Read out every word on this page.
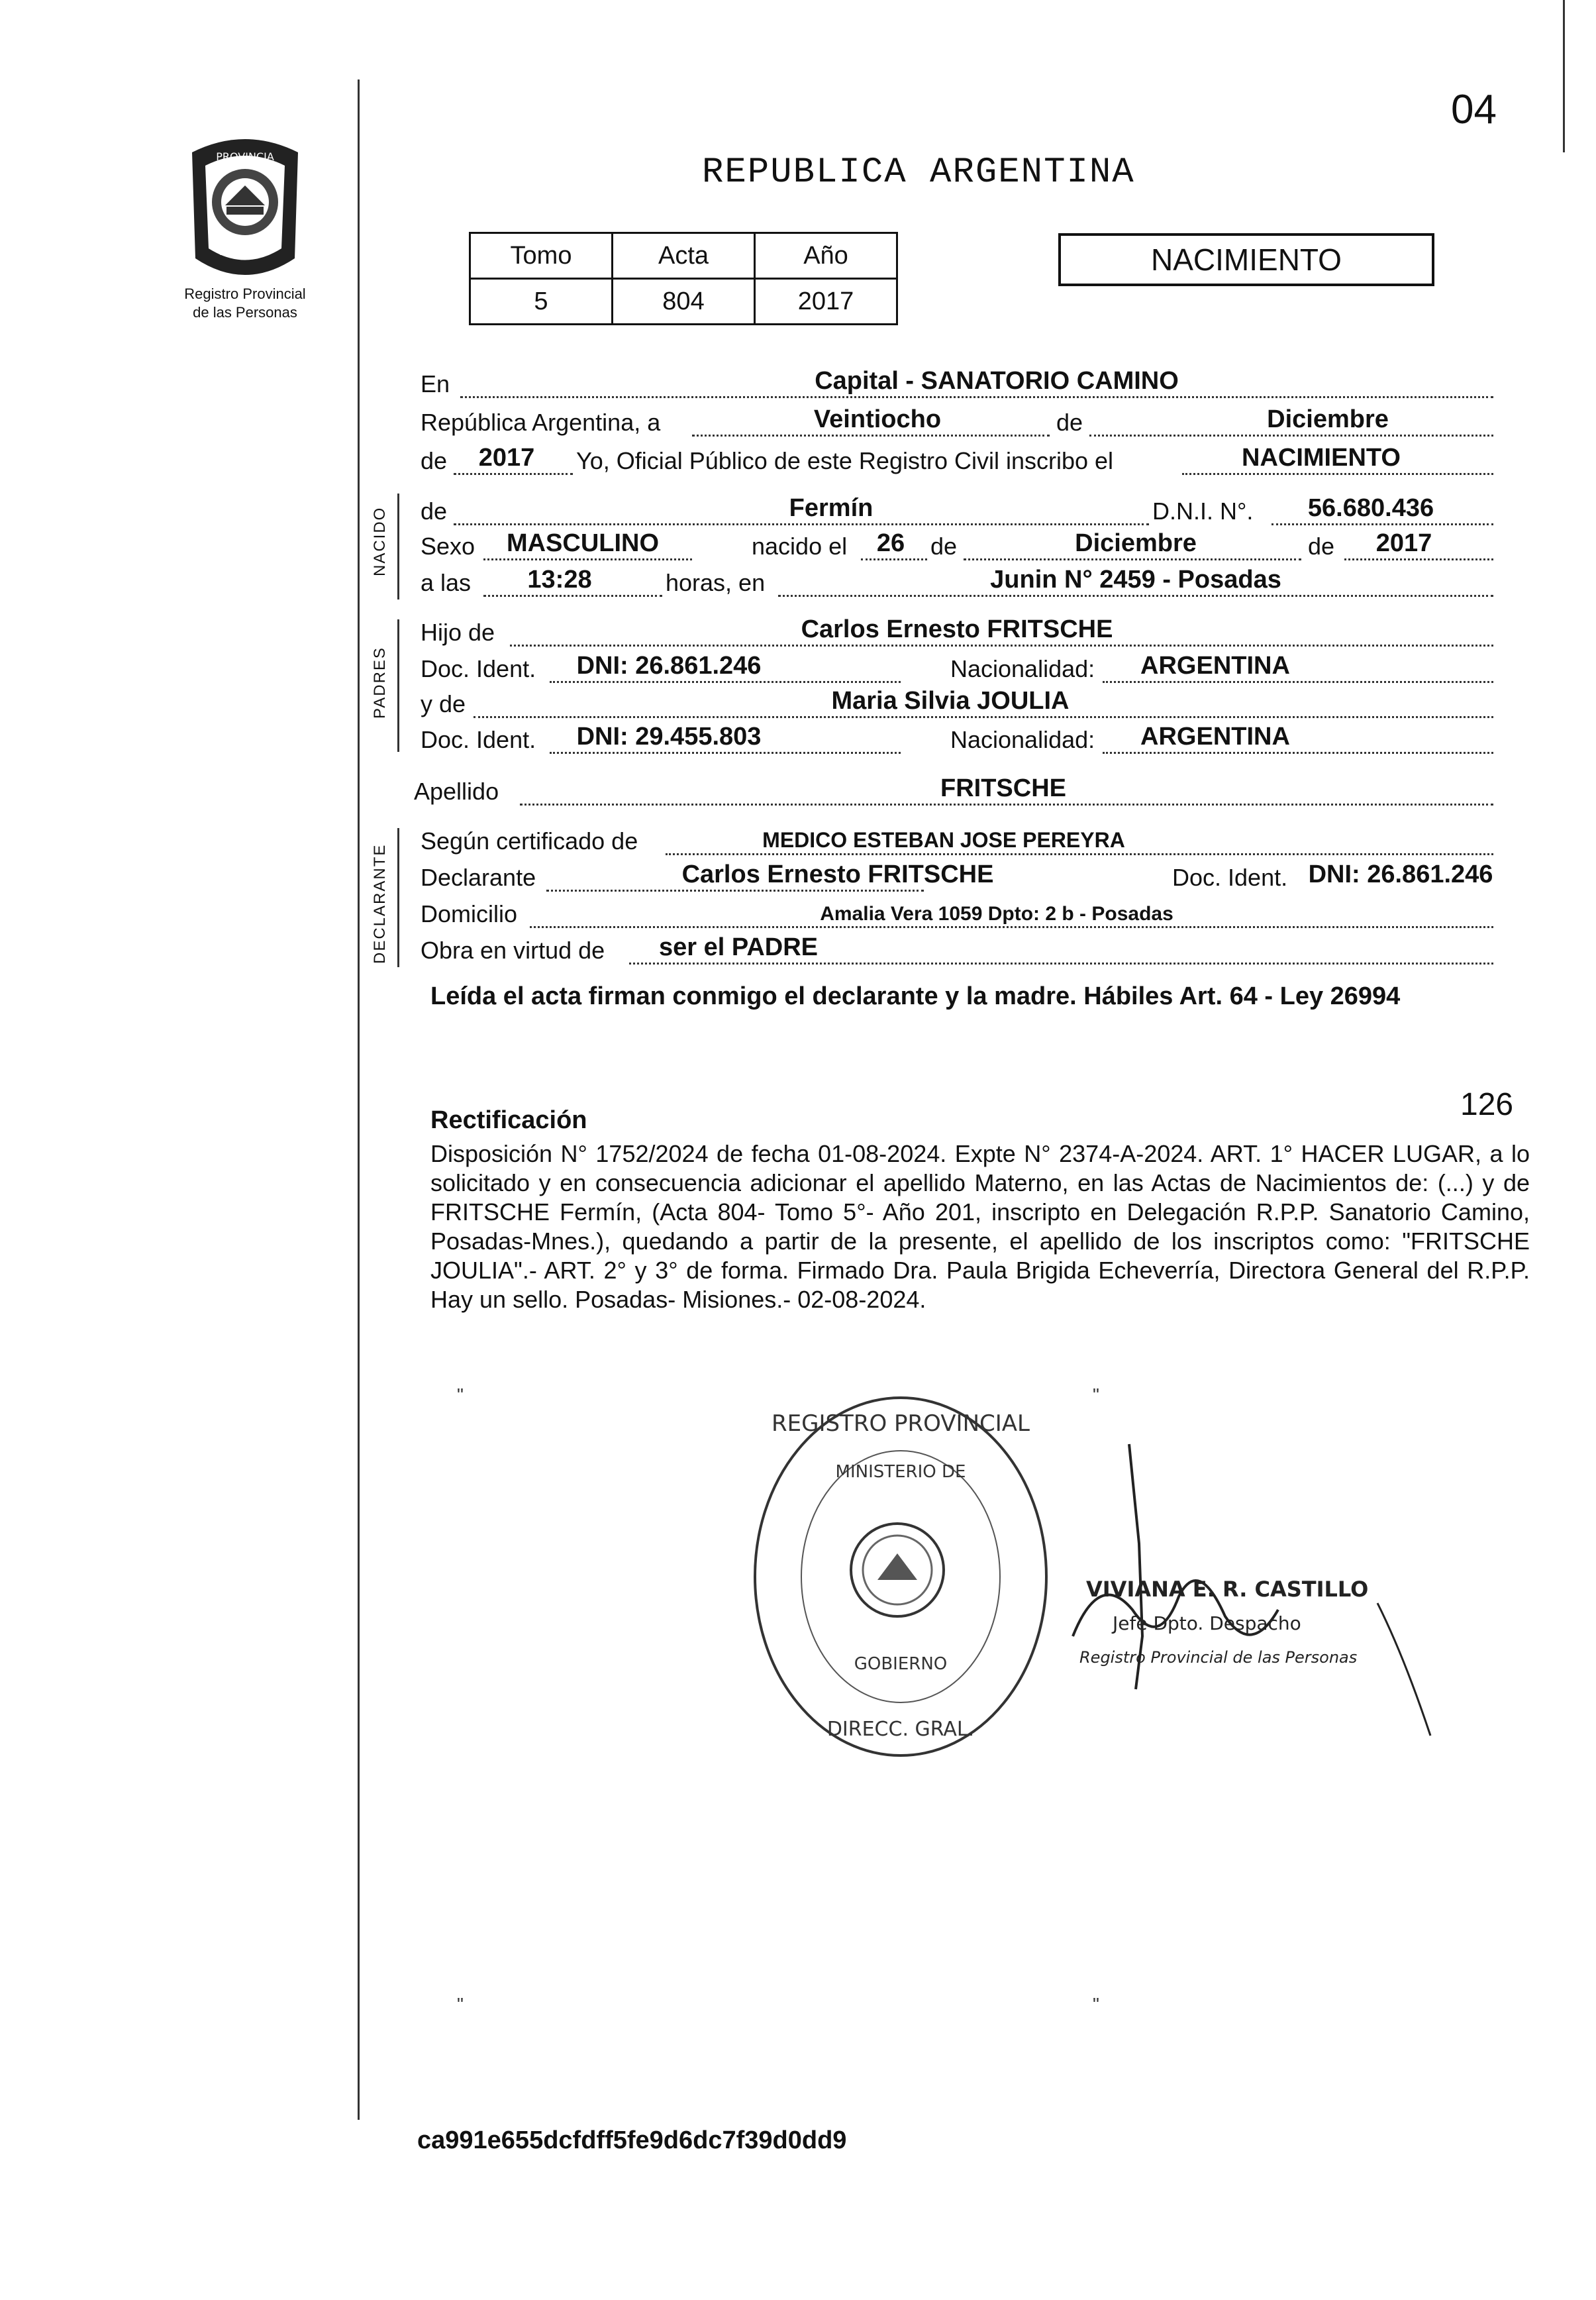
04
REPUBLICA ARGENTINA
PROVINCIA
MISIONES
Registro Provincial
de las Personas
Tomo	Acta	Año
5	804	2017
NACIMIENTO
En	Capital - SANATORIO CAMINO
República Argentina, a	Veintiocho	de	Diciembre
de	2017	Yo, Oficial Público de este Registro Civil inscribo el	NACIMIENTO
de	Fermín	D.N.I. N°.	56.680.436
Sexo	MASCULINO	nacido el	26	de	Diciembre	de	2017
a las	13:28	horas, en	Junin N° 2459 - Posadas
Hijo de	Carlos Ernesto FRITSCHE
Doc. Ident.	DNI: 26.861.246	Nacionalidad:	ARGENTINA
y de	Maria Silvia JOULIA
Doc. Ident.	DNI: 29.455.803	Nacionalidad:	ARGENTINA
Apellido	FRITSCHE
Según certificado de	MEDICO ESTEBAN JOSE PEREYRA
Declarante	Carlos Ernesto FRITSCHE	Doc. Ident. DNI: 26.861.246
Domicilio	Amalia Vera 1059 Dpto: 2 b - Posadas
Obra en virtud de	ser el PADRE
NACIDO
PADRES
DECLARANTE
Leída el acta firman conmigo el declarante y la madre. Hábiles Art. 64 - Ley 26994
126
Rectificación
Disposición N° 1752/2024 de fecha 01-08-2024. Expte N° 2374-A-2024. ART. 1° HACER LUGAR, a lo solicitado y en consecuencia adicionar el apellido Materno, en las Actas de Nacimientos de: (...) y de FRITSCHE Fermín, (Acta 804- Tomo 5°- Año 201, inscripto en Delegación R.P.P. Sanatorio Camino, Posadas-Mnes.), quedando a partir de la presente, el apellido de los inscriptos como: "FRITSCHE JOULIA".- ART. 2° y 3° de forma. Firmado Dra. Paula Brigida Echeverría, Directora General del R.P.P. Hay un sello. Posadas- Misiones.- 02-08-2024.
REGISTRO PROVINCIAL
MINISTERIO DE
GOBIERNO
DIRECC. GRAL.
VIVIANA E. R. CASTILLO
Jefe Dpto. Despacho
Registro Provincial de las Personas
ca991e655dcfdff5fe9d6dc7f39d0dd9
"	"
"	"
